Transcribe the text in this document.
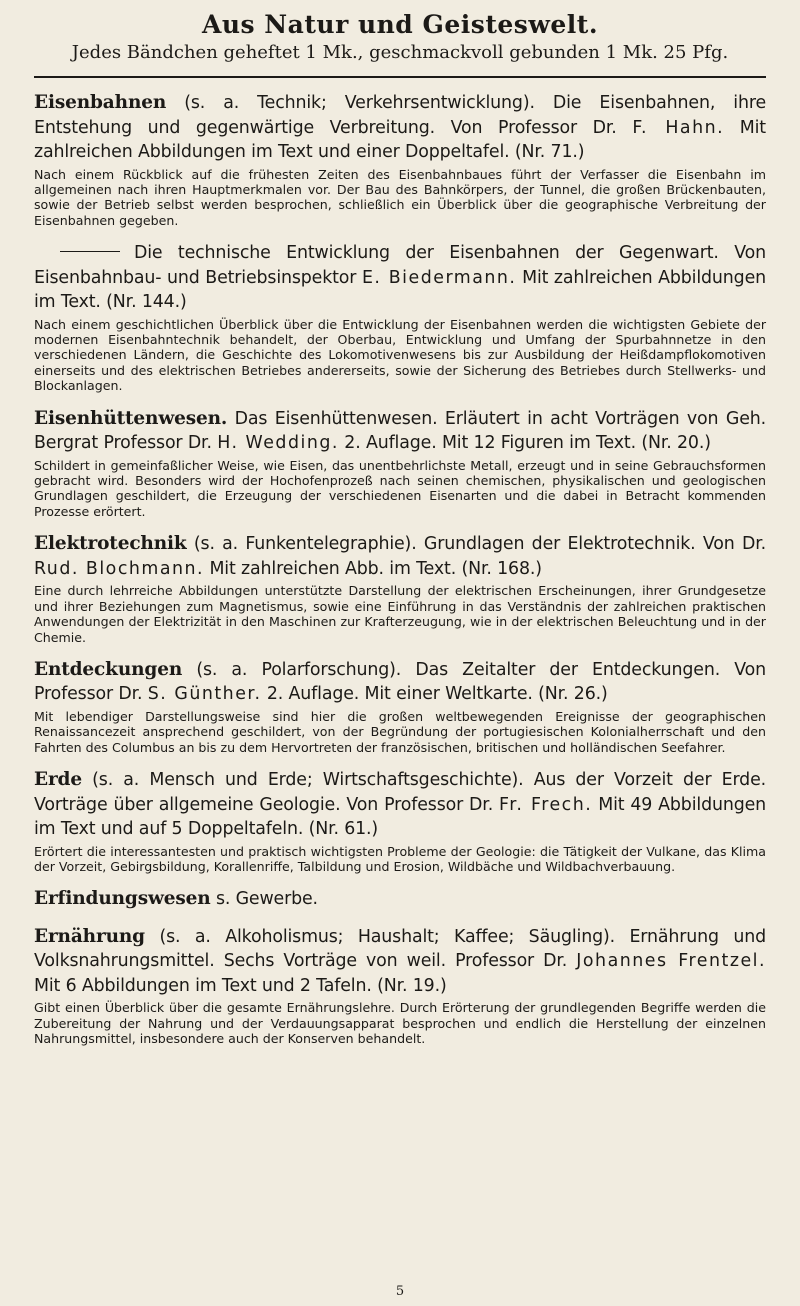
Aus Natur und Geisteswelt.
Jedes Bändchen geheftet 1 Mk., geschmackvoll gebunden 1 Mk. 25 Pfg.

Eisenbahnen (s. a. Technik; Verkehrsentwicklung). Die Eisenbahnen, ihre Entstehung und gegenwärtige Verbreitung. Von Professor Dr. F. Hahn. Mit zahlreichen Abbildungen im Text und einer Doppeltafel. (Nr. 71.)

Nach einem Rückblick auf die frühesten Zeiten des Eisenbahnbaues führt der Verfasser die Eisenbahn im allgemeinen nach ihren Hauptmerkmalen vor. Der Bau des Bahnkörpers, der Tunnel, die großen Brückenbauten, sowie der Betrieb selbst werden besprochen, schließlich ein Überblick über die geographische Verbreitung der Eisenbahnen gegeben.

Die technische Entwicklung der Eisenbahnen der Gegenwart. Von Eisenbahnbau- und Betriebsinspektor E. Biedermann. Mit zahlreichen Abbildungen im Text. (Nr. 144.)

Nach einem geschichtlichen Überblick über die Entwicklung der Eisenbahnen werden die wichtigsten Gebiete der modernen Eisenbahntechnik behandelt, der Oberbau, Entwicklung und Umfang der Spurbahnnetze in den verschiedenen Ländern, die Geschichte des Lokomotivenwesens bis zur Ausbildung der Heißdampflokomotiven einerseits und des elektrischen Betriebes andererseits, sowie der Sicherung des Betriebes durch Stellwerks- und Blockanlagen.

Eisenhüttenwesen. Das Eisenhüttenwesen. Erläutert in acht Vorträgen von Geh. Bergrat Professor Dr. H. Wedding. 2. Auflage. Mit 12 Figuren im Text. (Nr. 20.)

Schildert in gemeinfaßlicher Weise, wie Eisen, das unentbehrlichste Metall, erzeugt und in seine Gebrauchsformen gebracht wird. Besonders wird der Hochofenprozeß nach seinen chemischen, physikalischen und geologischen Grundlagen geschildert, die Erzeugung der verschiedenen Eisenarten und die dabei in Betracht kommenden Prozesse erörtert.

Elektrotechnik (s. a. Funkentelegraphie). Grundlagen der Elektrotechnik. Von Dr. Rud. Blochmann. Mit zahlreichen Abb. im Text. (Nr. 168.)

Eine durch lehrreiche Abbildungen unterstützte Darstellung der elektrischen Erscheinungen, ihrer Grundgesetze und ihrer Beziehungen zum Magnetismus, sowie eine Einführung in das Verständnis der zahlreichen praktischen Anwendungen der Elektrizität in den Maschinen zur Krafterzeugung, wie in der elektrischen Beleuchtung und in der Chemie.

Entdeckungen (s. a. Polarforschung). Das Zeitalter der Entdeckungen. Von Professor Dr. S. Günther. 2. Auflage. Mit einer Weltkarte. (Nr. 26.)

Mit lebendiger Darstellungsweise sind hier die großen weltbewegenden Ereignisse der geographischen Renaissancezeit ansprechend geschildert, von der Begründung der portugiesischen Kolonialherrschaft und den Fahrten des Columbus an bis zu dem Hervortreten der französischen, britischen und holländischen Seefahrer.

Erde (s. a. Mensch und Erde; Wirtschaftsgeschichte). Aus der Vorzeit der Erde. Vorträge über allgemeine Geologie. Von Professor Dr. Fr. Frech. Mit 49 Abbildungen im Text und auf 5 Doppeltafeln. (Nr. 61.)

Erörtert die interessantesten und praktisch wichtigsten Probleme der Geologie: die Tätigkeit der Vulkane, das Klima der Vorzeit, Gebirgsbildung, Korallenriffe, Talbildung und Erosion, Wildbäche und Wildbachverbauung.

Erfindungswesen s. Gewerbe.

Ernährung (s. a. Alkoholismus; Haushalt; Kaffee; Säugling). Ernährung und Volksnahrungsmittel. Sechs Vorträge von weil. Professor Dr. Johannes Frentzel. Mit 6 Abbildungen im Text und 2 Tafeln. (Nr. 19.)

Gibt einen Überblick über die gesamte Ernährungslehre. Durch Erörterung der grundlegenden Begriffe werden die Zubereitung der Nahrung und der Verdauungsapparat besprochen und endlich die Herstellung der einzelnen Nahrungsmittel, insbesondere auch der Konserven behandelt.

5
